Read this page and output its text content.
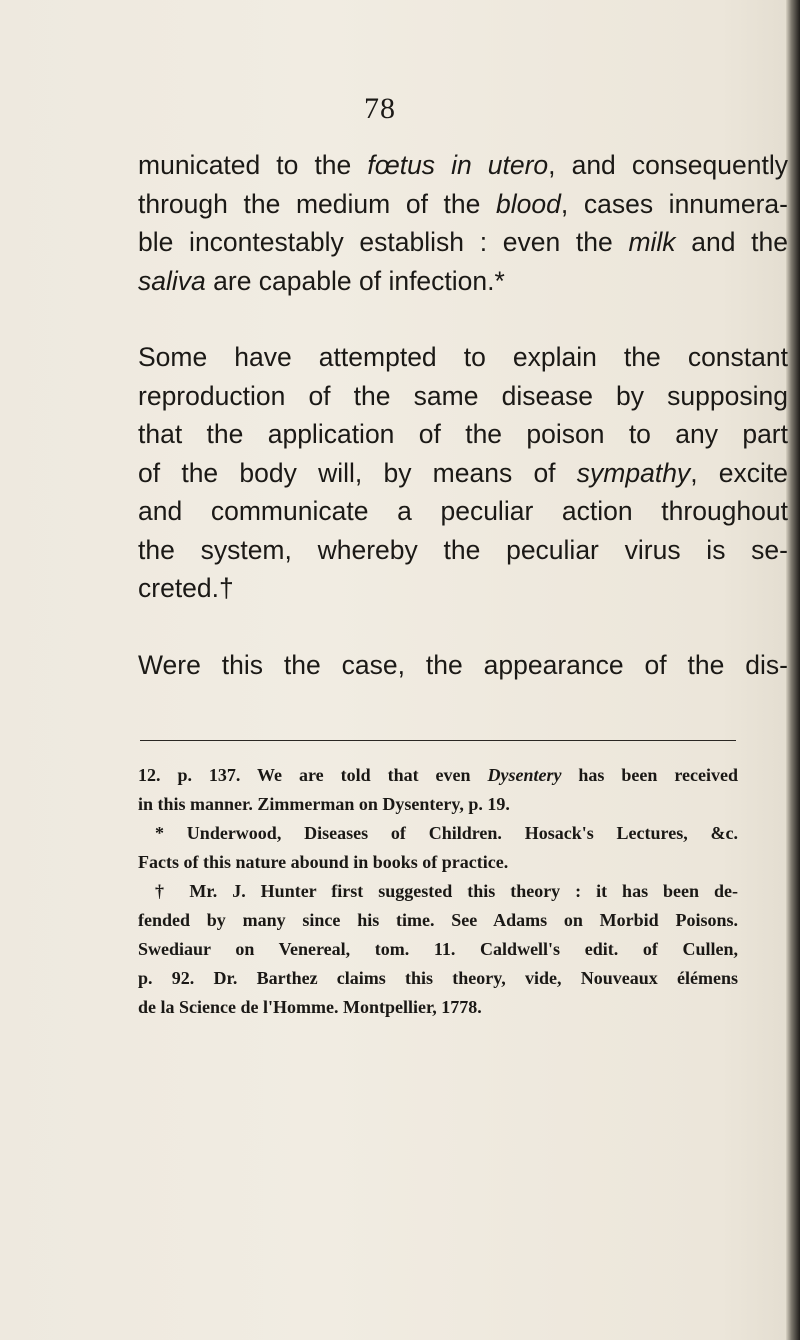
78
municated to the fœtus in utero, and consequently
through the medium of the blood, cases innumera-
ble incontestably establish : even the milk and the
saliva are capable of infection.*
Some have attempted to explain the constant
reproduction of the same disease by supposing
that the application of the poison to any part
of the body will, by means of sympathy, excite
and communicate a peculiar action throughout
the system, whereby the peculiar virus is se-
creted.†
Were this the case, the appearance of the dis-
12. p. 137. We are told that even Dysentery has been received
in this manner. Zimmerman on Dysentery, p. 19.
* Underwood, Diseases of Children. Hosack's Lectures, &c.
Facts of this nature abound in books of practice.
† Mr. J. Hunter first suggested this theory : it has been de-
fended by many since his time. See Adams on Morbid Poisons.
Swediaur on Venereal, tom. 11. Caldwell's edit. of Cullen,
p. 92. Dr. Barthez claims this theory, vide, Nouveaux élémens
de la Science de l'Homme. Montpellier, 1778.
